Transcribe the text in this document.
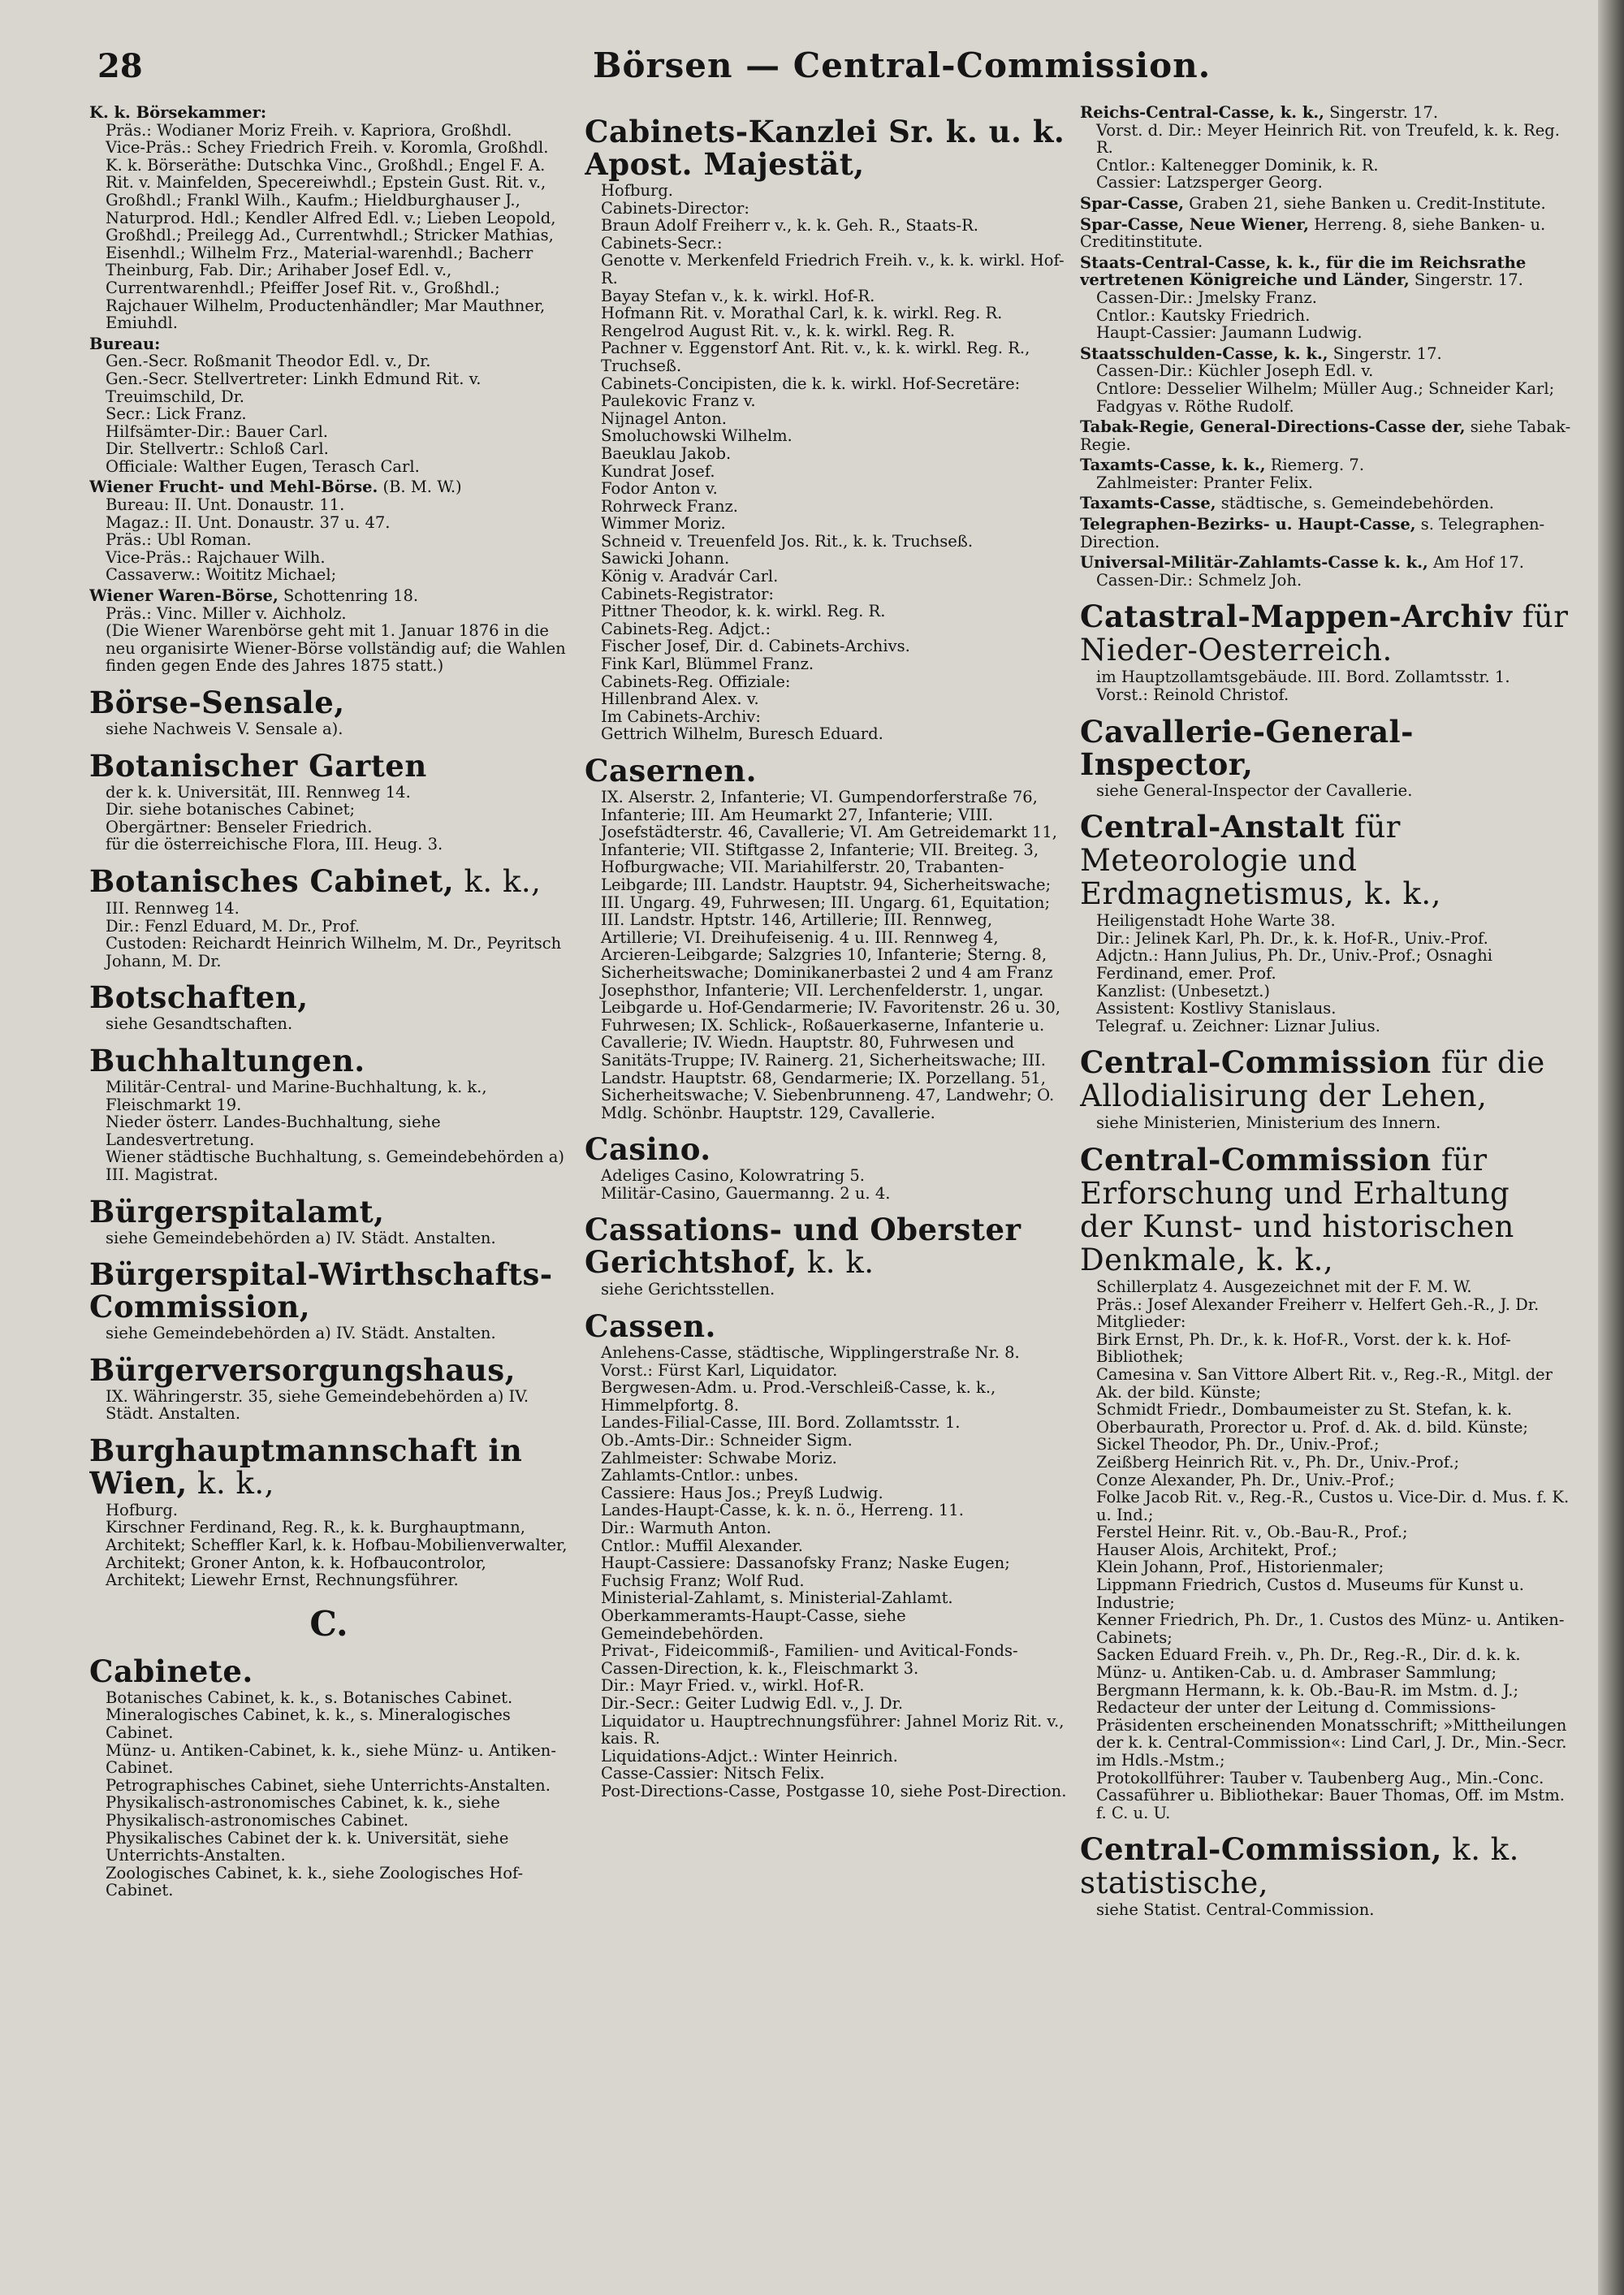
28	Börsen — Central-Commission.
K. k. Börsekammer:
Präs.: Wodianer Moriz Freih. v. Kapriora, Großhdl.
Vice-Präs.: Schey Friedrich Freih. v. Koromla, Großhdl.
K. k. Börseräthe: Dutschka Vinc., Großhdl.; Engel F. A. Rit. v. Mainfelden, Specereiwhdl.; Epstein Gust. Rit. v., Großhdl.; Frankl Wilh., Kaufm.; Hieldburghauser J., Naturprod. Hdl.; Kendler Alfred Edl. v.; Lieben Leopold, Großhdl.; Preilegg Ad., Currentwhdl.; Stricker Mathias, Eisenhdl.; Wilhelm Frz., Material-warenhdl.; Bacherr Theinburg, Fab. Dir.; Arihaber Josef Edl. v., Currentwarenhdl.; Pfeiffer Josef Rit. v., Großhdl.; Rajchauer Wilhelm, Productenhändler; Mar Mauthner, Emiuhdl.
Bureau:
Gen.-Secr. Roßmanit Theodor Edl. v., Dr.
Gen.-Secr. Stellvertreter: Linkh Edmund Rit. v. Treuimschild, Dr.
Secr.: Lick Franz.
Hilfsämter-Dir.: Bauer Carl.
Dir. Stellvertr.: Schloß Carl.
Officiale: Walther Eugen, Terasch Carl.
Wiener Frucht- und Mehl-Börse. (B. M. W.)
Bureau: II. Unt. Donaustr. 11.
Magaz.: II. Unt. Donaustr. 37 u. 47.
Präs.: Ubl Roman.
Vice-Präs.: Rajchauer Wilh.
Cassaverw.: Woititz Michael;
Wiener Waren-Börse, Schottenring 18.
Präs.: Vinc. Miller v. Aichholz.
(Die Wiener Warenbörse geht mit 1. Januar 1876 in die neu organisirte Wiener-Börse vollständig auf; die Wahlen finden gegen Ende des Jahres 1875 statt.)
Börse-Sensale,
siehe Nachweis V. Sensale a).
Botanischer Garten
der k. k. Universität, III. Rennweg 14.
Dir. siehe botanisches Cabinet;
Obergärtner: Benseler Friedrich.
für die österreichische Flora, III. Heug. 3.
Botanisches Cabinet, k. k.,
III. Rennweg 14.
Dir.: Fenzl Eduard, M. Dr., Prof.
Custoden: Reichardt Heinrich Wilhelm, M. Dr., Peyritsch Johann, M. Dr.
Botschaften,
siehe Gesandtschaften.
Buchhaltungen.
Militär-Central- und Marine-Buchhaltung, k. k., Fleischmarkt 19.
Nieder österr. Landes-Buchhaltung, siehe Landesvertretung.
Wiener städtische Buchhaltung, s. Gemeindebehörden a) III. Magistrat.
Bürgerspitalamt,
siehe Gemeindebehörden a) IV. Städt. Anstalten.
Bürgerspital-Wirthschafts-Commission,
siehe Gemeindebehörden a) IV. Städt. Anstalten.
Bürgerversorgungshaus,
IX. Währingerstr. 35, siehe Gemeindebehörden a) IV. Städt. Anstalten.
Burghauptmannschaft in Wien, k. k.,
Hofburg.
Kirschner Ferdinand, Reg. R., k. k. Burghauptmann, Architekt; Scheffler Karl, k. k. Hofbau-Mobilienverwalter, Architekt; Groner Anton, k. k. Hofbaucontrolor, Architekt; Liewehr Ernst, Rechnungsführer.
C.
Cabinete.
Botanisches Cabinet, k. k., s. Botanisches Cabinet.
Mineralogisches Cabinet, k. k., s. Mineralogisches Cabinet.
Münz- u. Antiken-Cabinet, k. k., siehe Münz- u. Antiken-Cabinet.
Petrographisches Cabinet, siehe Unterrichts-Anstalten.
Physikalisch-astronomisches Cabinet, k. k., siehe Physikalisch-astronomisches Cabinet.
Physikalisches Cabinet der k. k. Universität, siehe Unterrichts-Anstalten.
Zoologisches Cabinet, k. k., siehe Zoologisches Hof-Cabinet.
Cabinets-Kanzlei Sr. k. u. k. Apost. Majestät,
Hofburg.
Cabinets-Director:
Braun Adolf Freiherr v., k. k. Geh. R., Staats-R.
Cabinets-Secr.:
Genotte v. Merkenfeld Friedrich Freih. v., k. k. wirkl. Hof-R.
Bayay Stefan v., k. k. wirkl. Hof-R.
Hofmann Rit. v. Morathal Carl, k. k. wirkl. Reg. R.
Rengelrod August Rit. v., k. k. wirkl. Reg. R.
Pachner v. Eggenstorf Ant. Rit. v., k. k. wirkl. Reg. R., Truchseß.
Cabinets-Concipisten, die k. k. wirkl. Hof-Secretäre:
Paulekovic Franz v.
Nijnagel Anton.
Smoluchowski Wilhelm.
Baeuklau Jakob.
Kundrat Josef.
Fodor Anton v.
Rohrweck Franz.
Wimmer Moriz.
Schneid v. Treuenfeld Jos. Rit., k. k. Truchseß.
Sawicki Johann.
König v. Aradvár Carl.
Cabinets-Registrator:
Pittner Theodor, k. k. wirkl. Reg. R.
Cabinets-Reg. Adjct.:
Fischer Josef, Dir. d. Cabinets-Archivs.
Fink Karl, Blümmel Franz.
Cabinets-Reg. Offiziale:
Hillenbrand Alex. v.
Im Cabinets-Archiv:
Gettrich Wilhelm, Buresch Eduard.
Casernen.
IX. Alserstr. 2, Infanterie; VI. Gumpendorferstraße 76, Infanterie; III. Am Heumarkt 27, Infanterie; VIII. Josefstädterstr. 46, Cavallerie; VI. Am Getreidemarkt 11, Infanterie; VII. Stiftgasse 2, Infanterie; VII. Breiteg. 3, Hofburgwache; VII. Mariahilferstr. 20, Trabanten-Leibgarde; III. Landstr. Hauptstr. 94, Sicherheitswache; III. Ungarg. 49, Fuhrwesen; III. Ungarg. 61, Equitation; III. Landstr. Hptstr. 146, Artillerie; III. Rennweg, Artillerie; VI. Dreihufeisenig. 4 u. III. Rennweg 4, Arcieren-Leibgarde; Salzgries 10, Infanterie; Sterng. 8, Sicherheitswache; Dominikanerbastei 2 und 4 am Franz Josephsthor, Infanterie; VII. Lerchenfelderstr. 1, ungar. Leibgarde u. Hof-Gendarmerie; IV. Favoritenstr. 26 u. 30, Fuhrwesen; IX. Schlick-, Roßauerkaserne, Infanterie u. Cavallerie; IV. Wiedn. Hauptstr. 80, Fuhrwesen und Sanitäts-Truppe; IV. Rainerg. 21, Sicherheitswache; III. Landstr. Hauptstr. 68, Gendarmerie; IX. Porzellang. 51, Sicherheitswache; V. Siebenbrunneng. 47, Landwehr; O. Mdlg. Schönbr. Hauptstr. 129, Cavallerie.
Casino.
Adeliges Casino, Kolowratring 5.
Militär-Casino, Gauermanng. 2 u. 4.
Cassations- und Oberster Gerichtshof, k. k.
siehe Gerichtsstellen.
Cassen.
Anlehens-Casse, städtische, Wipplingerstraße Nr. 8.
Vorst.: Fürst Karl, Liquidator.
Bergwesen-Adm. u. Prod.-Verschleiß-Casse, k. k., Himmelpfortg. 8.
Landes-Filial-Casse, III. Bord. Zollamtsstr. 1.
Ob.-Amts-Dir.: Schneider Sigm.
Zahlmeister: Schwabe Moriz.
Zahlamts-Cntlor.: unbes.
Cassiere: Haus Jos.; Preyß Ludwig.
Landes-Haupt-Casse, k. k. n. ö., Herreng. 11.
Dir.: Warmuth Anton.
Cntlor.: Muffil Alexander.
Haupt-Cassiere: Dassanofsky Franz; Naske Eugen; Fuchsig Franz; Wolf Rud.
Ministerial-Zahlamt, s. Ministerial-Zahlamt.
Oberkammeramts-Haupt-Casse, siehe Gemeindebehörden.
Privat-, Fideicommiß-, Familien- und Avitical-Fonds-Cassen-Direction, k. k., Fleischmarkt 3.
Dir.: Mayr Fried. v., wirkl. Hof-R.
Dir.-Secr.: Geiter Ludwig Edl. v., J. Dr.
Liquidator u. Hauptrechnungsführer: Jahnel Moriz Rit. v., kais. R.
Liquidations-Adjct.: Winter Heinrich.
Casse-Cassier: Nitsch Felix.
Post-Directions-Casse, Postgasse 10, siehe Post-Direction.
Reichs-Central-Casse, k. k., Singerstr. 17.
Vorst. d. Dir.: Meyer Heinrich Rit. von Treufeld, k. k. Reg. R.
Cntlor.: Kaltenegger Dominik, k. R.
Cassier: Latzsperger Georg.
Spar-Casse, Graben 21, siehe Banken u. Credit-Institute.
Spar-Casse, Neue Wiener, Herreng. 8, siehe Banken- u. Creditinstitute.
Staats-Central-Casse, k. k., für die im Reichsrathe vertretenen Königreiche und Länder, Singerstr. 17.
Cassen-Dir.: Jmelsky Franz.
Cntlor.: Kautsky Friedrich.
Haupt-Cassier: Jaumann Ludwig.
Staatsschulden-Casse, k. k., Singerstr. 17.
Cassen-Dir.: Küchler Joseph Edl. v.
Cntlore: Desselier Wilhelm; Müller Aug.; Schneider Karl; Fadgyas v. Röthe Rudolf.
Tabak-Regie, General-Directions-Casse der, siehe Tabak-Regie.
Taxamts-Casse, k. k., Riemerg. 7.
Zahlmeister: Pranter Felix.
Taxamts-Casse, städtische, s. Gemeindebehörden.
Telegraphen-Bezirks- u. Haupt-Casse, s. Telegraphen-Direction.
Universal-Militär-Zahlamts-Casse k. k., Am Hof 17.
Cassen-Dir.: Schmelz Joh.
Catastral-Mappen-Archiv für Nieder-Oesterreich.
im Hauptzollamtsgebäude. III. Bord. Zollamtsstr. 1.
Vorst.: Reinold Christof.
Cavallerie-General-Inspector,
siehe General-Inspector der Cavallerie.
Central-Anstalt für Meteorologie und Erdmagnetismus, k. k.,
Heiligenstadt Hohe Warte 38.
Dir.: Jelinek Karl, Ph. Dr., k. k. Hof-R., Univ.-Prof.
Adjctn.: Hann Julius, Ph. Dr., Univ.-Prof.; Osnaghi Ferdinand, emer. Prof.
Kanzlist: (Unbesetzt.)
Assistent: Kostlivy Stanislaus.
Telegraf. u. Zeichner: Liznar Julius.
Central-Commission für die Allodialisirung der Lehen,
siehe Ministerien, Ministerium des Innern.
Central-Commission für Erforschung und Erhaltung der Kunst- und historischen Denkmale, k. k.,
Schillerplatz 4. Ausgezeichnet mit der F. M. W.
Präs.: Josef Alexander Freiherr v. Helfert Geh.-R., J. Dr.
Mitglieder:
Birk Ernst, Ph. Dr., k. k. Hof-R., Vorst. der k. k. Hof-Bibliothek;
Camesina v. San Vittore Albert Rit. v., Reg.-R., Mitgl. der Ak. der bild. Künste;
Schmidt Friedr., Dombaumeister zu St. Stefan, k. k. Oberbaurath, Prorector u. Prof. d. Ak. d. bild. Künste;
Sickel Theodor, Ph. Dr., Univ.-Prof.;
Zeißberg Heinrich Rit. v., Ph. Dr., Univ.-Prof.;
Conze Alexander, Ph. Dr., Univ.-Prof.;
Folke Jacob Rit. v., Reg.-R., Custos u. Vice-Dir. d. Mus. f. K. u. Ind.;
Ferstel Heinr. Rit. v., Ob.-Bau-R., Prof.;
Hauser Alois, Architekt, Prof.;
Klein Johann, Prof., Historienmaler;
Lippmann Friedrich, Custos d. Museums für Kunst u. Industrie;
Kenner Friedrich, Ph. Dr., 1. Custos des Münz- u. Antiken-Cabinets;
Sacken Eduard Freih. v., Ph. Dr., Reg.-R., Dir. d. k. k. Münz- u. Antiken-Cab. u. d. Ambraser Sammlung;
Bergmann Hermann, k. k. Ob.-Bau-R. im Mstm. d. J.;
Redacteur der unter der Leitung d. Commissions-Präsidenten erscheinenden Monatsschrift; »Mittheilungen der k. k. Central-Commission«: Lind Carl, J. Dr., Min.-Secr. im Hdls.-Mstm.;
Protokollführer: Tauber v. Taubenberg Aug., Min.-Conc.
Cassaführer u. Bibliothekar: Bauer Thomas, Off. im Mstm. f. C. u. U.
Central-Commission, k. k. statistische,
siehe Statist. Central-Commission.
